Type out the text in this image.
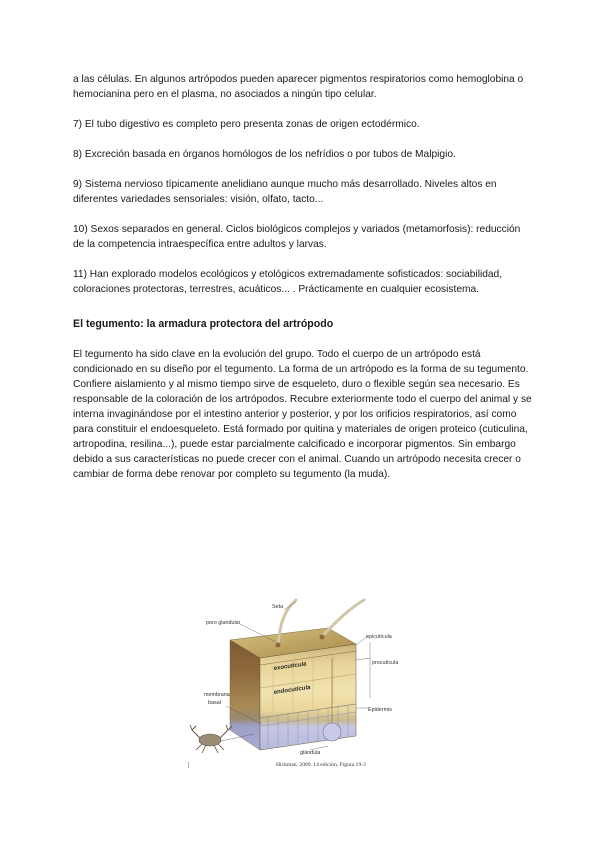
a las células. En algunos artrópodos pueden aparecer pigmentos respiratorios como hemoglobina o hemocianina pero en el plasma, no asociados a ningún tipo celular.

7) El tubo digestivo es completo pero presenta zonas de origen ectodérmico.

8) Excreción basada en órganos homólogos de los nefrídios o por tubos de Malpigio.

9) Sistema nervioso típicamente anelidiano aunque mucho más desarrollado. Niveles altos en diferentes variedades sensoriales: visión, olfato, tacto...

10) Sexos separados en general. Ciclos biológicos complejos y variados (metamorfosis): reducción de la competencia intraespecífica entre adultos y larvas.

11) Han explorado modelos ecológicos y etológicos extremadamente sofisticados: sociabilidad, coloraciones protectoras, terrestres, acuáticos... . Prácticamente en cualquier ecosistema.

El tegumento: la armadura protectora del artrópodo

El tegumento ha sido clave en la evolución del grupo. Todo el cuerpo de un artrópodo está condicionado en su diseño por el tegumento. La forma de un artrópodo es la forma de su tegumento. Confiere aislamiento y al mismo tiempo sirve de esqueleto, duro o flexible según sea necesario. Es responsable de la coloración de los artrópodos. Recubre exteriormente todo el cuerpo del animal y se interna invaginándose por el intestino anterior y posterior, y por los orificios respiratorios, así como para constituir el endoesqueleto. Está formado por quitina y materiales de origen proteico (cuticulina, artropodina, resilina...), puede estar parcialmente calcificado e incorporar pigmentos. Sin embargo debido a sus características no puede crecer con el animal. Cuando un artrópodo necesita crecer o cambiar de forma debe renovar por completo su tegumento (la muda).

exocutícula
endocutícula
Seta
poro glandular
epicutícula
procutícula
Epidermis
membrana
basal
glándula
Hickman, 2009. 14 edición, Figura 19-3
